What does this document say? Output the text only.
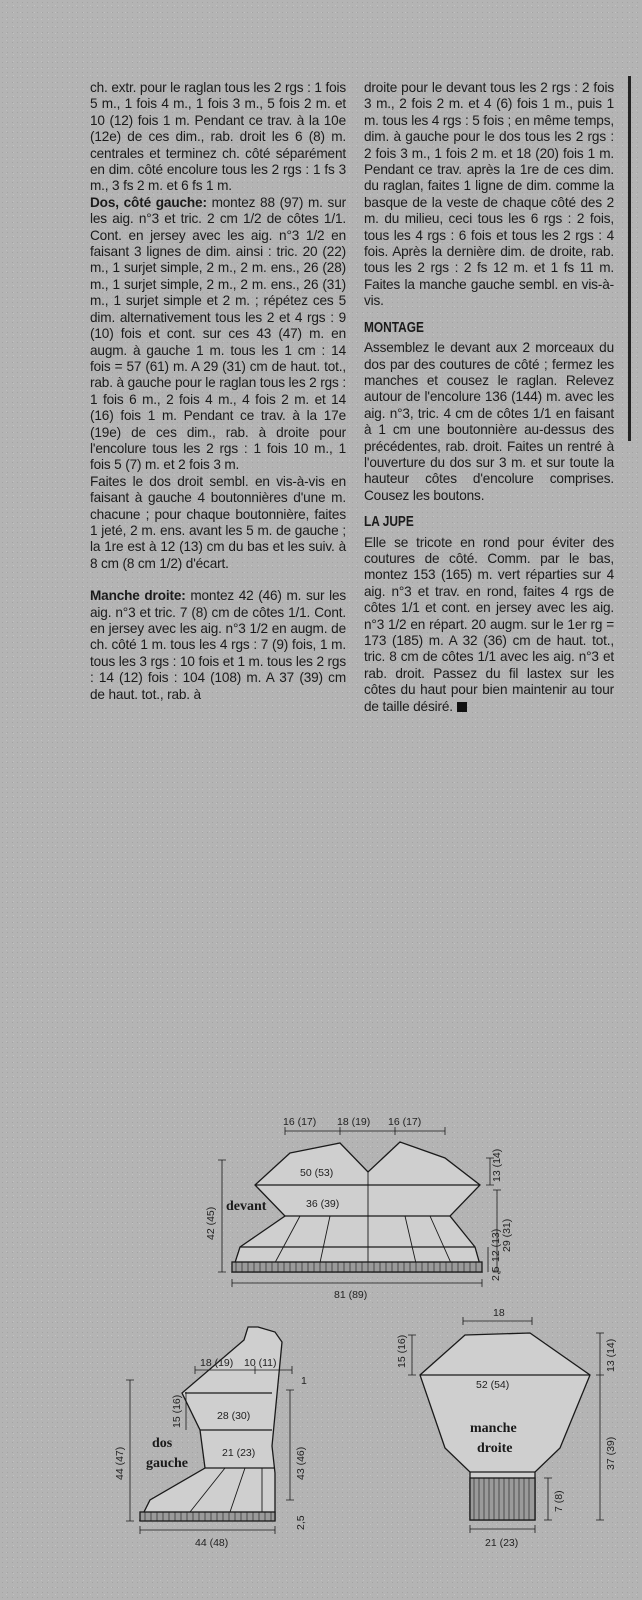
ch. extr. pour le raglan tous les 2 rgs : 1 fois 5 m., 1 fois 4 m., 1 fois 3 m., 5 fois 2 m. et 10 (12) fois 1 m. Pendant ce trav. à la 10e (12e) de ces dim., rab. droit les 6 (8) m. centrales et terminez ch. côté séparément en dim. côté encolure tous les 2 rgs : 1 fs 3 m., 3 fs 2 m. et 6 fs 1 m.

Dos, côté gauche: montez 88 (97) m. sur les aig. n°3 et tric. 2 cm 1/2 de côtes 1/1. Cont. en jersey avec les aig. n°3 1/2 en faisant 3 lignes de dim. ainsi : tric. 20 (22) m., 1 surjet simple, 2 m., 2 m. ens., 26 (28) m., 1 surjet simple, 2 m., 2 m. ens., 26 (31) m., 1 surjet simple et 2 m. ; répétez ces 5 dim. alternativement tous les 2 et 4 rgs : 9 (10) fois et cont. sur ces 43 (47) m. en augm. à gauche 1 m. tous les 1 cm : 14 fois = 57 (61) m. A 29 (31) cm de haut. tot., rab. à gauche pour le raglan tous les 2 rgs : 1 fois 6 m., 2 fois 4 m., 4 fois 2 m. et 14 (16) fois 1 m. Pendant ce trav. à la 17e (19e) de ces dim., rab. à droite pour l'encolure tous les 2 rgs : 1 fois 10 m., 1 fois 5 (7) m. et 2 fois 3 m.

Faites le dos droit sembl. en vis-à-vis en faisant à gauche 4 boutonnières d'une m. chacune ; pour chaque boutonnière, faites 1 jeté, 2 m. ens. avant les 5 m. de gauche ; la 1re est à 12 (13) cm du bas et les suiv. à 8 cm (8 cm 1/2) d'écart.

Manche droite: montez 42 (46) m. sur les aig. n°3 et tric. 7 (8) cm de côtes 1/1. Cont. en jersey avec les aig. n°3 1/2 en augm. de ch. côté 1 m. tous les 4 rgs : 7 (9) fois, 1 m. tous les 3 rgs : 10 fois et 1 m. tous les 2 rgs : 14 (12) fois : 104 (108) m. A 37 (39) cm de haut. tot., rab. à

droite pour le devant tous les 2 rgs : 2 fois 3 m., 2 fois 2 m. et 4 (6) fois 1 m., puis 1 m. tous les 4 rgs : 5 fois ; en même temps, dim. à gauche pour le dos tous les 2 rgs : 2 fois 3 m., 1 fois 2 m. et 18 (20) fois 1 m. Pendant ce trav. après la 1re de ces dim. du raglan, faites 1 ligne de dim. comme la basque de la veste de chaque côté des 2 m. du milieu, ceci tous les 6 rgs : 2 fois, tous les 4 rgs : 6 fois et tous les 2 rgs : 4 fois. Après la dernière dim. de droite, rab. tous les 2 rgs : 2 fs 12 m. et 1 fs 11 m. Faites la manche gauche sembl. en vis-à-vis.

MONTAGE

Assemblez le devant aux 2 morceaux du dos par des coutures de côté ; fermez les manches et cousez le raglan. Relevez autour de l'encolure 136 (144) m. avec les aig. n°3, tric. 4 cm de côtes 1/1 en faisant à 1 cm une boutonnière au-dessus des précédentes, rab. droit. Faites un rentré à l'ouverture du dos sur 3 m. et sur toute la hauteur côtes d'encolure comprises. Cousez les boutons.

LA JUPE

Elle se tricote en rond pour éviter des coutures de côté. Comm. par le bas, montez 153 (165) m. vert réparties sur 4 aig. n°3 et trav. en rond, faites 4 rgs de côtes 1/1 et cont. en jersey avec les aig. n°3 1/2 en répart. 20 augm. sur le 1er rg = 173 (185) m. A 32 (36) cm de haut. tot., tric. 8 cm de côtes 1/1 avec les aig. n°3 et rab. droit. Passez du fil lastex sur les côtes du haut pour bien maintenir au tour de taille désiré.

16 (17) 18 (19) 16 (17)
50 (53)
36 (39)
devant
81 (89)
42 (45)	29 (31)
13 (14)
12 (13)
2,5
18 (19) 10 (11)
1
28 (30)
21 (23)
dos
gauche
44 (48)
44 (47)
15 (16)
43 (46)
2,5
18
52 (54)
manche
droite
21 (23)
15 (16)	13 (14)
37 (39)
7 (8)
